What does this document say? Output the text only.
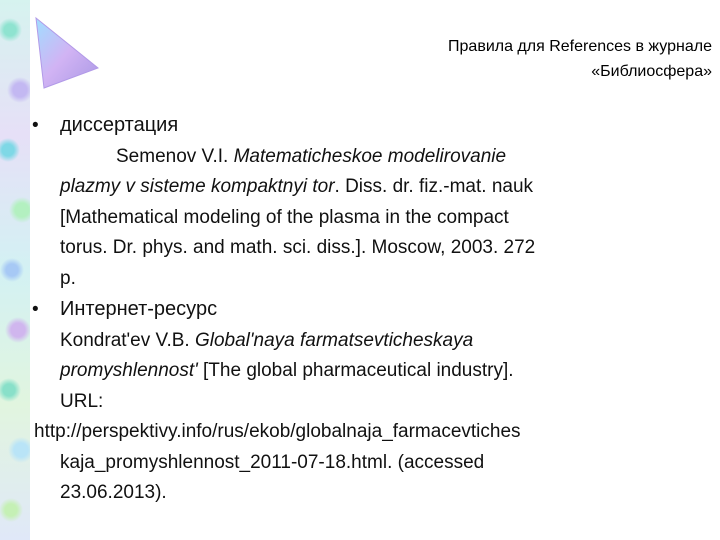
Правила для References в журнале
«Библиосфера»
•	диссертация
Semenov V.I. Matematicheskoe modelirovanie
plazmy v sisteme kompaktnyi tor. Diss. dr. fiz.-mat. nauk
[Mathematical modeling of the plasma in the compact
torus. Dr. phys. and math. sci. diss.]. Moscow, 2003. 272
p.
•	Интернет-ресурс
Kondrat'ev V.B. Global'naya farmatsevticheskaya
promyshlennost' [The global pharmaceutical industry].
URL:
http://perspektivy.info/rus/ekob/globalnaja_farmacevtiches
kaja_promyshlennost_2011-07-18.html. (accessed
23.06.2013).
